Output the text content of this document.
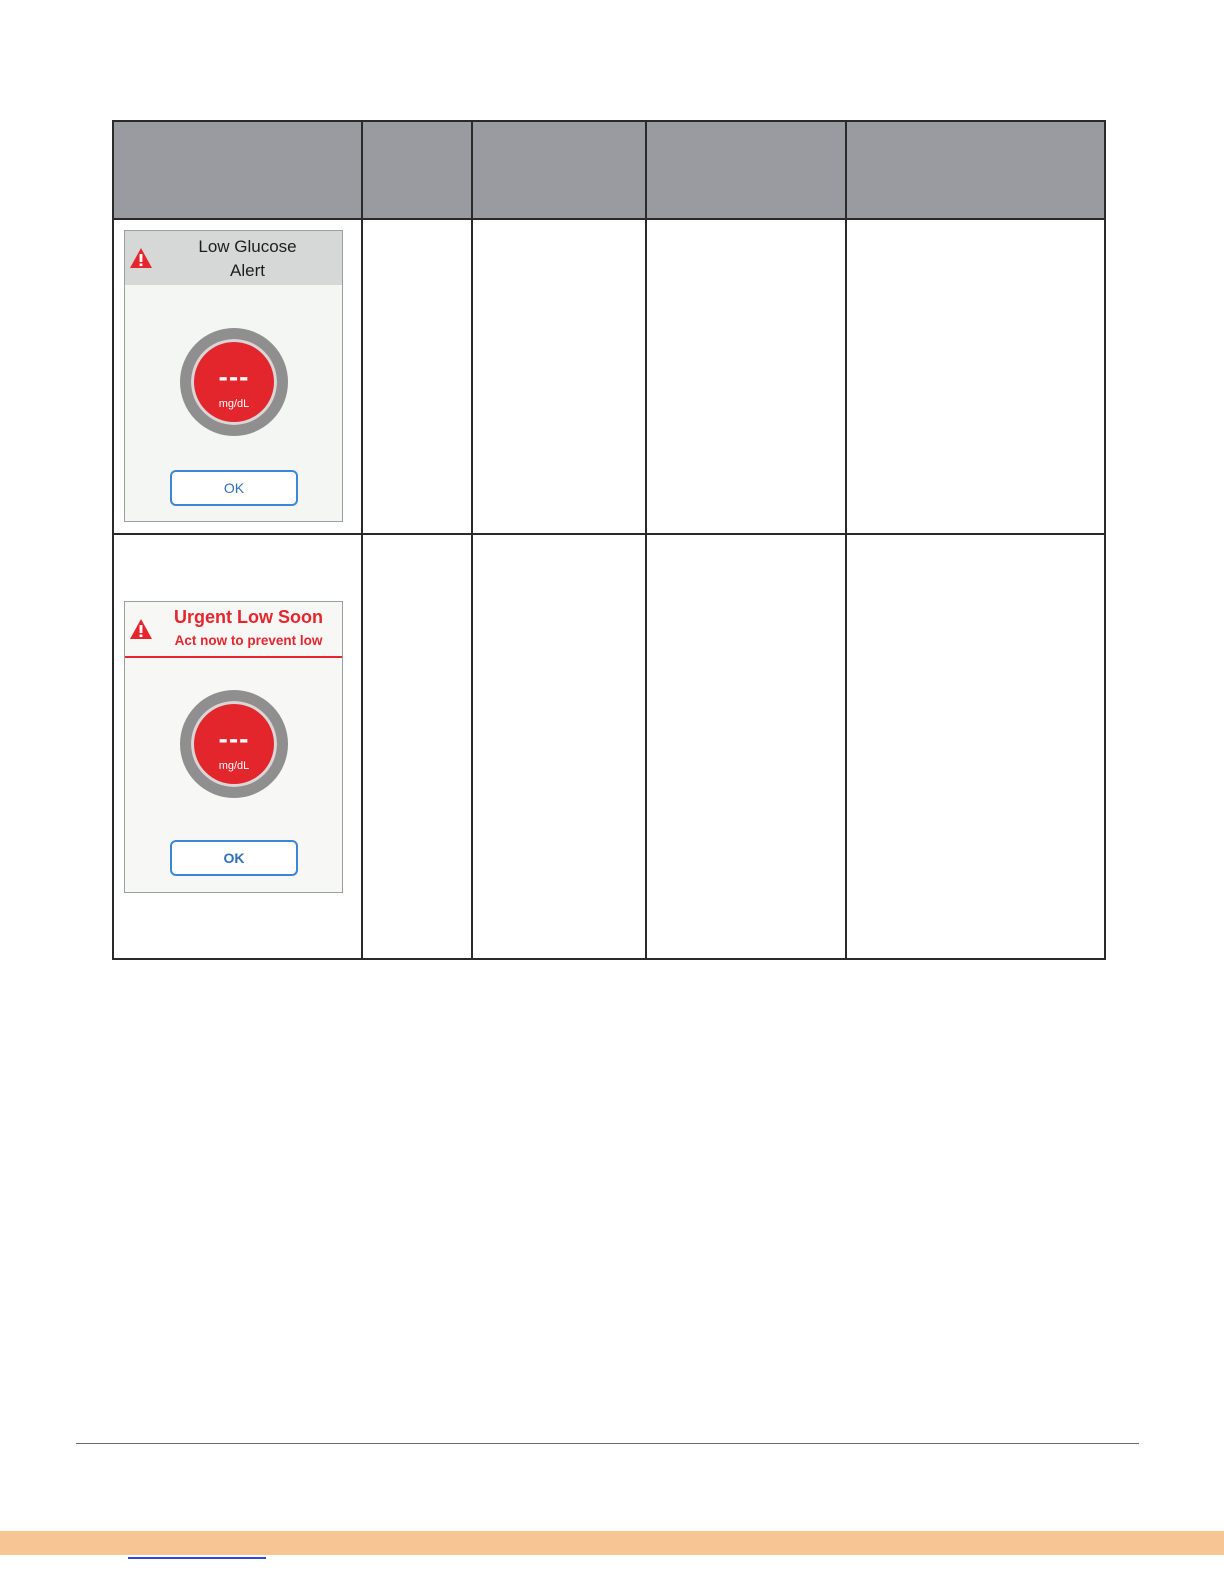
Low Glucose
Alert
---
mg/dL
OK				

Urgent Low Soon
Act now to prevent low
---
mg/dL
OK				
